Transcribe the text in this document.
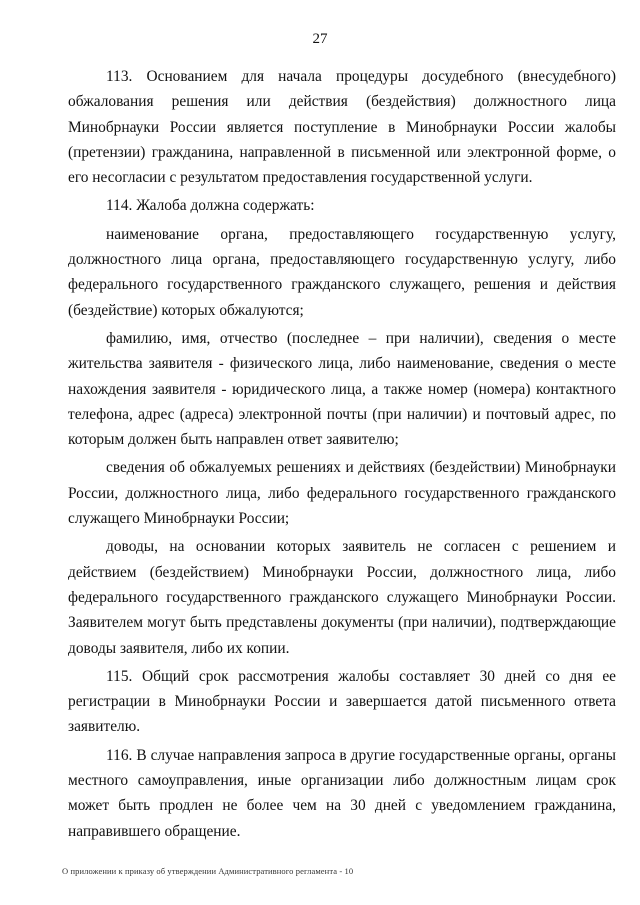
27

113. Основанием для начала процедуры досудебного (внесудебного) обжалования решения или действия (бездействия) должностного лица Минобрнауки России является поступление в Минобрнауки России жалобы (претензии) гражданина, направленной в письменной или электронной форме, о его несогласии с результатом предоставления государственной услуги.

114. Жалоба должна содержать:

наименование органа, предоставляющего государственную услугу, должностного лица органа, предоставляющего государственную услугу, либо федерального государственного гражданского служащего, решения и действия (бездействие) которых обжалуются;

фамилию, имя, отчество (последнее – при наличии), сведения о месте жительства заявителя - физического лица, либо наименование, сведения о месте нахождения заявителя - юридического лица, а также номер (номера) контактного телефона, адрес (адреса) электронной почты (при наличии) и почтовый адрес, по которым должен быть направлен ответ заявителю;

сведения об обжалуемых решениях и действиях (бездействии) Минобрнауки России, должностного лица, либо федерального государственного гражданского служащего Минобрнауки России;

доводы, на основании которых заявитель не согласен с решением и действием (бездействием) Минобрнауки России, должностного лица, либо федерального государственного гражданского служащего Минобрнауки России. Заявителем могут быть представлены документы (при наличии), подтверждающие доводы заявителя, либо их копии.

115. Общий срок рассмотрения жалобы составляет 30 дней со дня ее регистрации в Минобрнауки России и завершается датой письменного ответа заявителю.

116. В случае направления запроса в другие государственные органы, органы местного самоуправления, иные организации либо должностным лицам срок может быть продлен не более чем на 30 дней с уведомлением гражданина, направившего обращение.

О приложении к приказу об утверждении Административного регламента - 10
